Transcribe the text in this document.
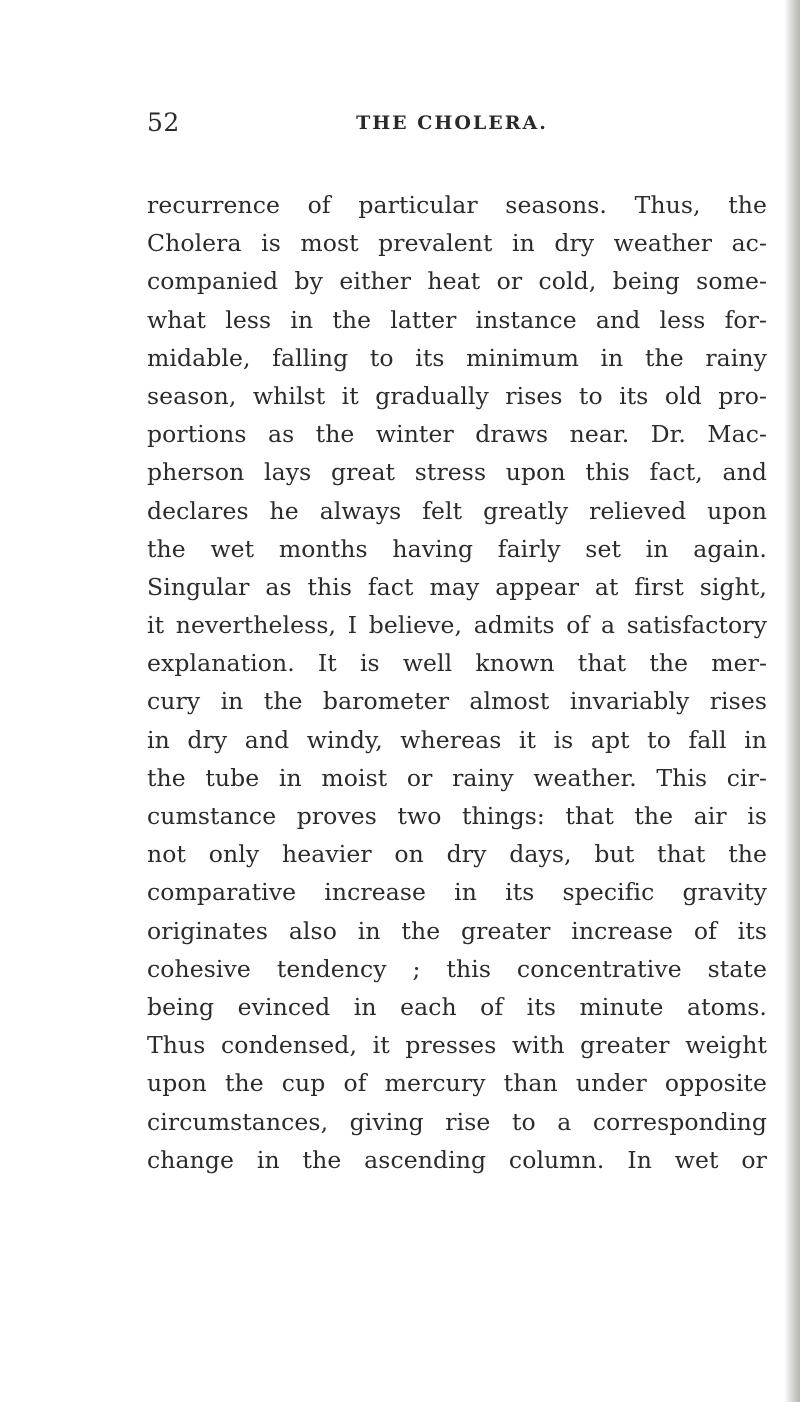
52	THE CHOLERA.
recurrence of particular seasons. Thus, the
Cholera is most prevalent in dry weather ac-
companied by either heat or cold, being some-
what less in the latter instance and less for-
midable, falling to its minimum in the rainy
season, whilst it gradually rises to its old pro-
portions as the winter draws near. Dr. Mac-
pherson lays great stress upon this fact, and
declares he always felt greatly relieved upon
the wet months having fairly set in again.
Singular as this fact may appear at first sight,
it nevertheless, I believe, admits of a satisfactory
explanation. It is well known that the mer-
cury in the barometer almost invariably rises
in dry and windy, whereas it is apt to fall in
the tube in moist or rainy weather. This cir-
cumstance proves two things: that the air is
not only heavier on dry days, but that the
comparative increase in its specific gravity
originates also in the greater increase of its
cohesive tendency ; this concentrative state
being evinced in each of its minute atoms.
Thus condensed, it presses with greater weight
upon the cup of mercury than under opposite
circumstances, giving rise to a corresponding
change in the ascending column. In wet or
